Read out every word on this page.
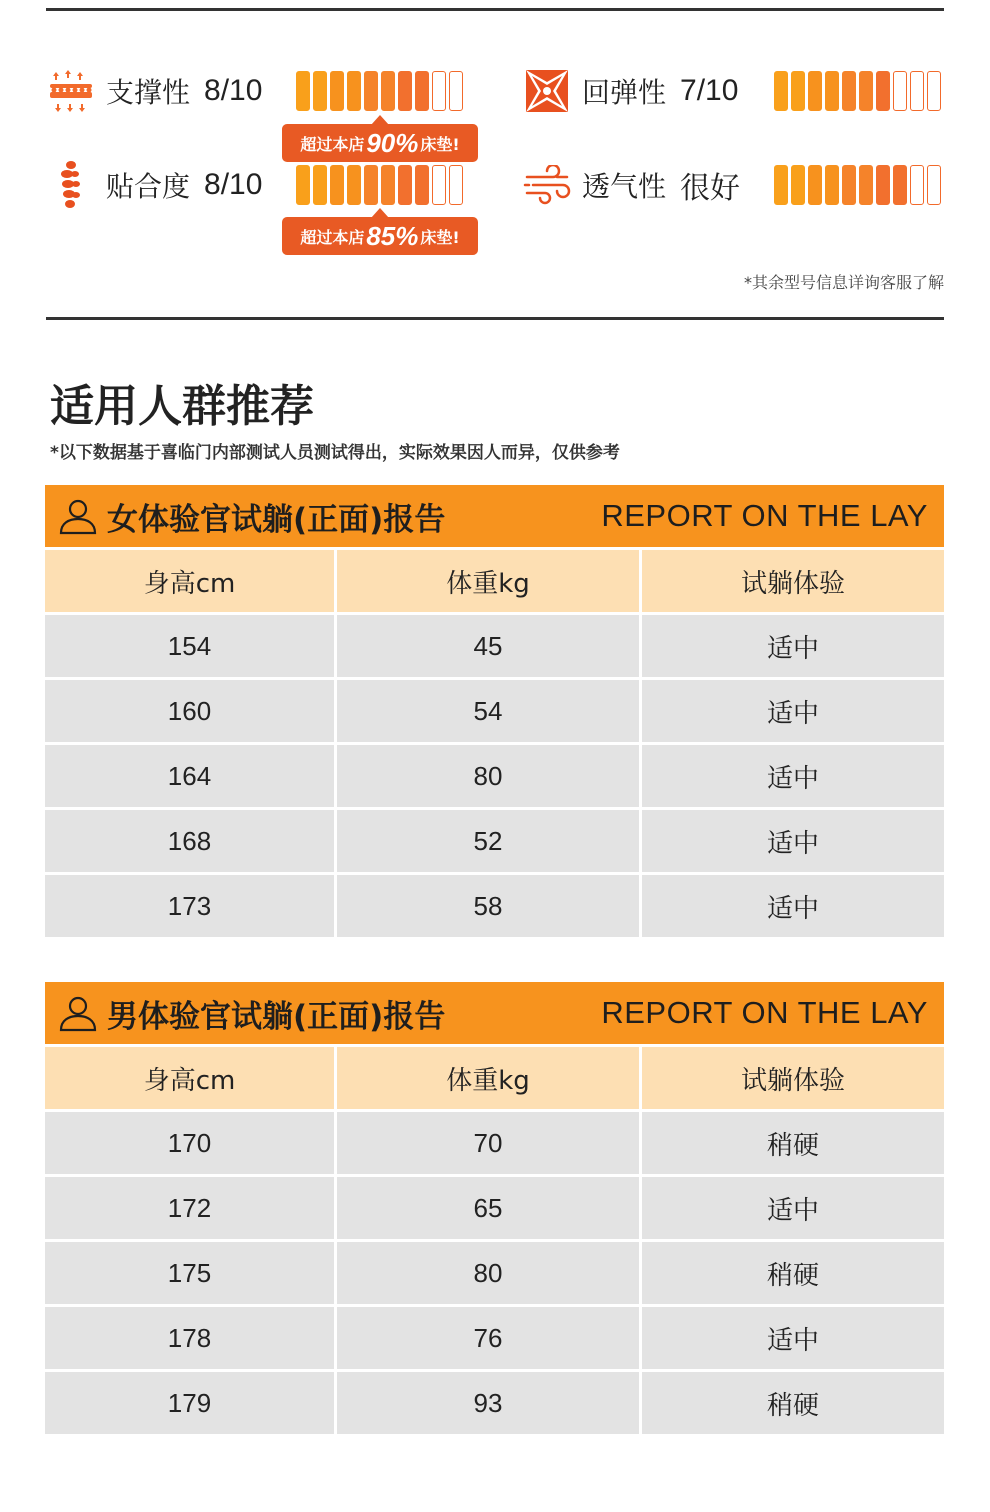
支撑性 8/10
超过本店 90% 床垫!
回弹性 7/10
贴合度 8/10
超过本店 85% 床垫!
透气性 很好
*其余型号信息详询客服了解
适用人群推荐
*以下数据基于喜临门内部测试人员测试得出，实际效果因人而异，仅供参考
女体验官试躺(正面)报告	REPORT ON THE LAY
身高cm	体重kg	试躺体验
154	45	适中
160	54	适中
164	80	适中
168	52	适中
173	58	适中
男体验官试躺(正面)报告	REPORT ON THE LAY
身高cm	体重kg	试躺体验
170	70	稍硬
172	65	适中
175	80	稍硬
178	76	适中
179	93	稍硬
